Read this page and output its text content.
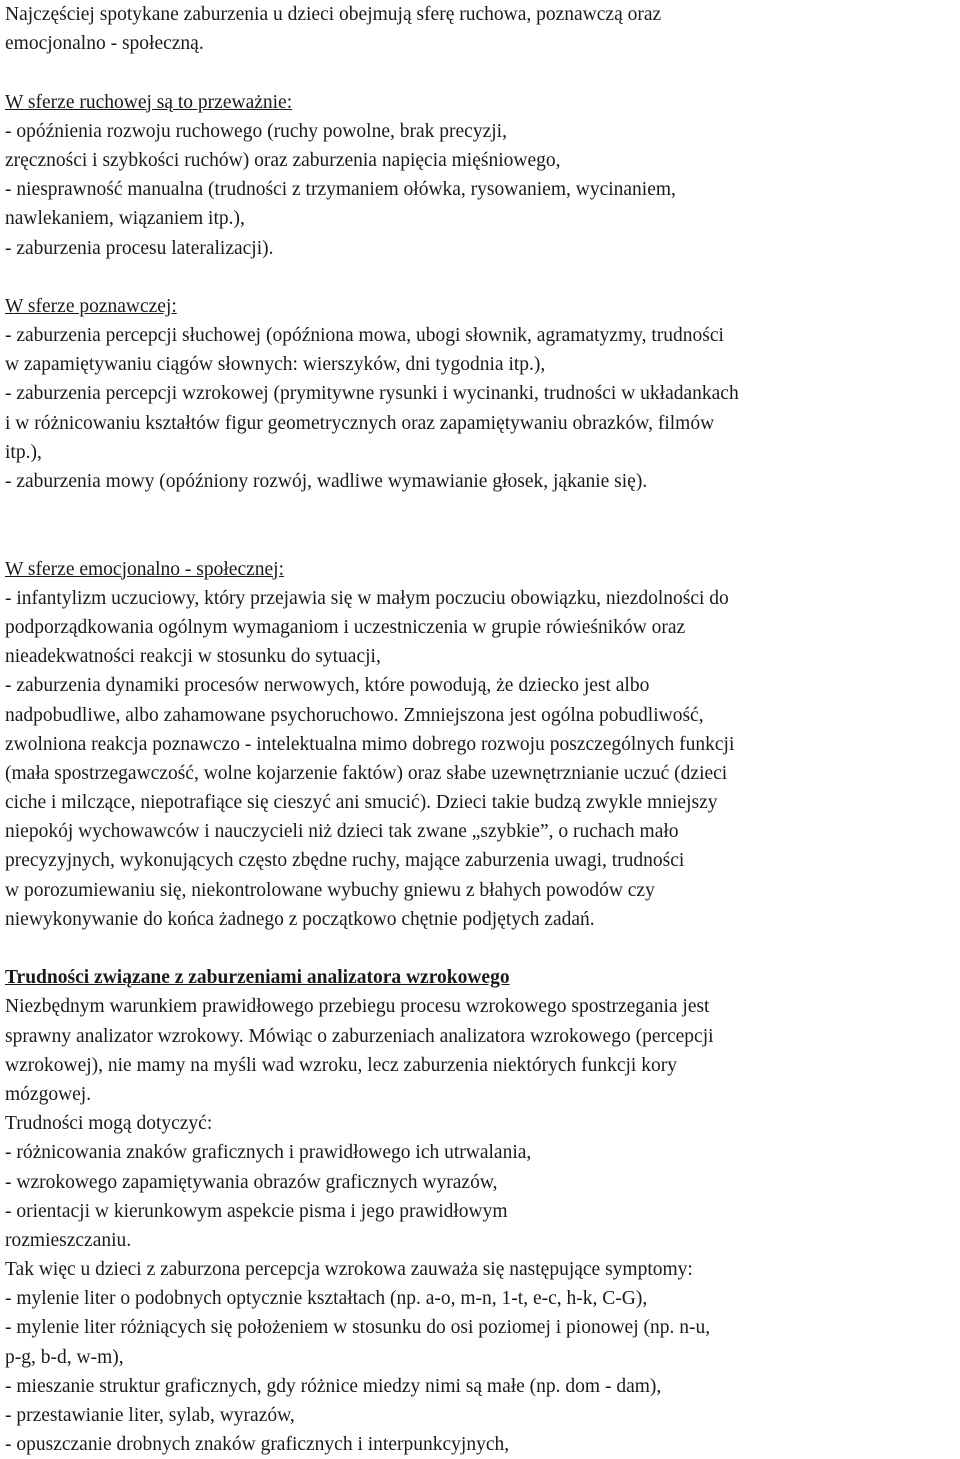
Najczęściej spotykane zaburzenia u dzieci obejmują sferę ruchowa, poznawczą oraz
emocjonalno - społeczną.
W sferze ruchowej są to przeważnie:
- opóźnienia rozwoju ruchowego (ruchy powolne, brak precyzji,
zręczności i szybkości ruchów) oraz zaburzenia napięcia mięśniowego,
- niesprawność manualna (trudności z trzymaniem ołówka, rysowaniem, wycinaniem,
nawlekaniem, wiązaniem itp.),
- zaburzenia procesu lateralizacji).
W sferze poznawczej:
- zaburzenia percepcji słuchowej (opóźniona mowa, ubogi słownik, agramatyzmy, trudności
w zapamiętywaniu ciągów słownych: wierszyków, dni tygodnia itp.),
- zaburzenia percepcji wzrokowej (prymitywne rysunki i wycinanki, trudności w układankach
i w różnicowaniu kształtów figur geometrycznych oraz zapamiętywaniu obrazków, filmów
itp.),
- zaburzenia mowy (opóźniony rozwój, wadliwe wymawianie głosek, jąkanie się).
W sferze emocjonalno - społecznej:
- infantylizm uczuciowy, który przejawia się w małym poczuciu obowiązku, niezdolności do
podporządkowania ogólnym wymaganiom i uczestniczenia w grupie rówieśników oraz
nieadekwatności reakcji w stosunku do sytuacji,
- zaburzenia dynamiki procesów nerwowych, które powodują, że dziecko jest albo
nadpobudliwe, albo zahamowane psychoruchowo. Zmniejszona jest ogólna pobudliwość,
zwolniona reakcja poznawczo - intelektualna mimo dobrego rozwoju poszczególnych funkcji
(mała spostrzegawczość, wolne kojarzenie faktów) oraz słabe uzewnętrznianie uczuć (dzieci
ciche i milczące, niepotrafiące się cieszyć ani smucić). Dzieci takie budzą zwykle mniejszy
niepokój wychowawców i nauczycieli niż dzieci tak zwane „szybkie”, o ruchach mało
precyzyjnych, wykonujących często zbędne ruchy, mające zaburzenia uwagi, trudności
w porozumiewaniu się, niekontrolowane wybuchy gniewu z błahych powodów czy
niewykonywanie do końca żadnego z początkowo chętnie podjętych zadań.
Trudności związane z zaburzeniami analizatora wzrokowego
Niezbędnym warunkiem prawidłowego przebiegu procesu wzrokowego spostrzegania jest
sprawny analizator wzrokowy. Mówiąc o zaburzeniach analizatora wzrokowego (percepcji
wzrokowej), nie mamy na myśli wad wzroku, lecz zaburzenia niektórych funkcji kory
mózgowej.
Trudności mogą dotyczyć:
- różnicowania znaków graficznych i prawidłowego ich utrwalania,
- wzrokowego zapamiętywania obrazów graficznych wyrazów,
- orientacji w kierunkowym aspekcie pisma i jego prawidłowym
rozmieszczaniu.
Tak więc u dzieci z zaburzona percepcja wzrokowa zauważa się następujące symptomy:
- mylenie liter o podobnych optycznie kształtach (np. a-o, m-n, 1-t, e-c, h-k, C-G),
- mylenie liter różniących się położeniem w stosunku do osi poziomej i pionowej (np. n-u,
p-g, b-d, w-m),
- mieszanie struktur graficznych, gdy różnice miedzy nimi są małe (np. dom - dam),
- przestawianie liter, sylab, wyrazów,
- opuszczanie drobnych znaków graficznych i interpunkcyjnych,
